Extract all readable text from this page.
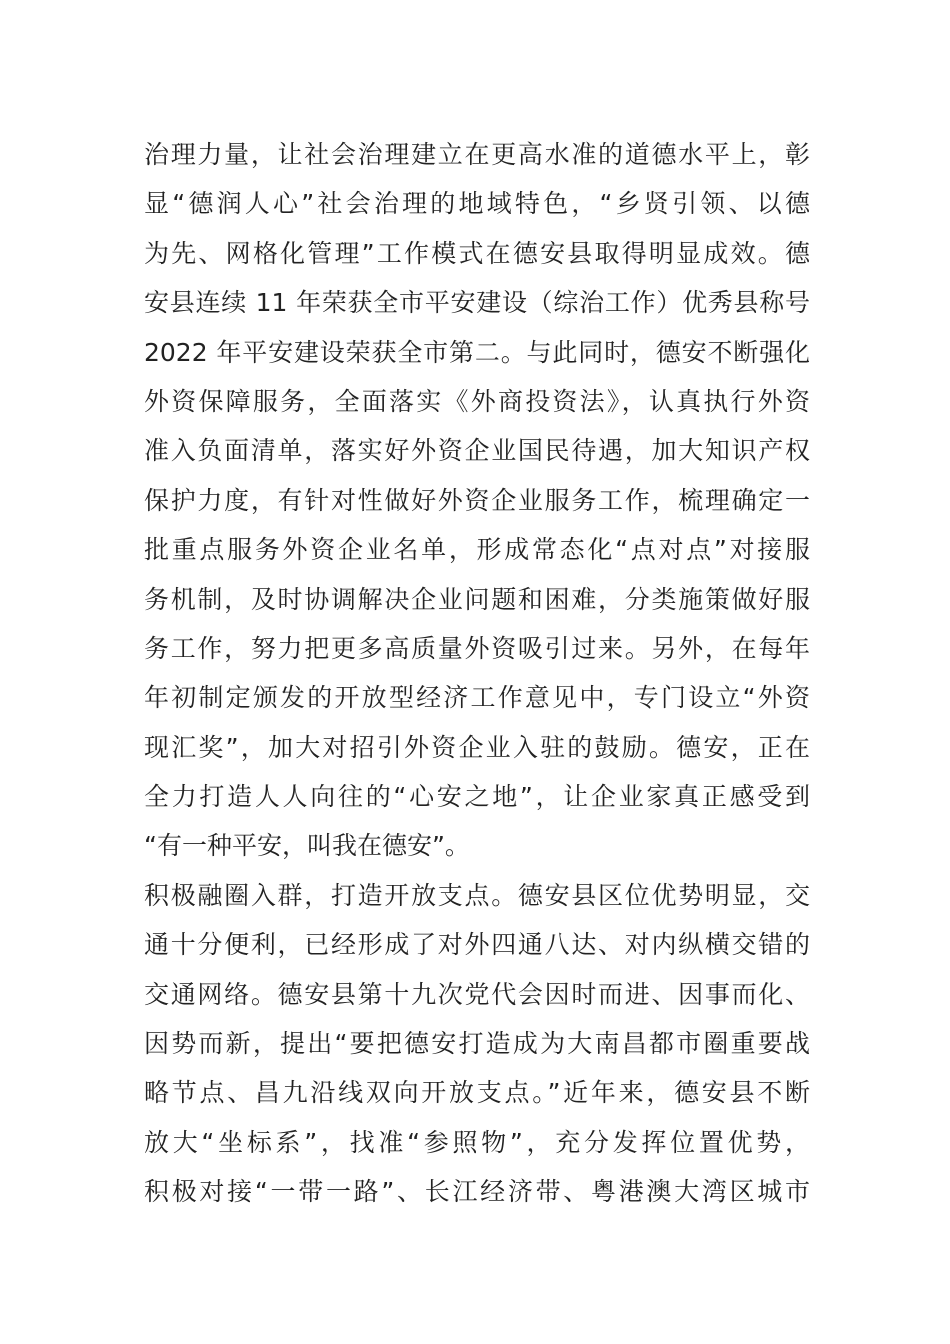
治理力量，让社会治理建立在更高水准的道德水平上，彰
显“德润人心”社会治理的地域特色，“乡贤引领、以德
为先、网格化管理”工作模式在德安县取得明显成效。德
安县连续 11 年荣获全市平安建设（综治工作）优秀县称号
2022 年平安建设荣获全市第二。与此同时，德安不断强化
外资保障服务，全面落实《外商投资法》，认真执行外资
准入负面清单，落实好外资企业国民待遇，加大知识产权
保护力度，有针对性做好外资企业服务工作，梳理确定一
批重点服务外资企业名单，形成常态化“点对点”对接服
务机制，及时协调解决企业问题和困难，分类施策做好服
务工作，努力把更多高质量外资吸引过来。另外，在每年
年初制定颁发的开放型经济工作意见中，专门设立“外资
现汇奖”，加大对招引外资企业入驻的鼓励。德安，正在
全力打造人人向往的“心安之地”，让企业家真正感受到
“有一种平安，叫我在德安”。
积极融圈入群，打造开放支点。德安县区位优势明显，交
通十分便利，已经形成了对外四通八达、对内纵横交错的
交通网络。德安县第十九次党代会因时而进、因事而化、
因势而新，提出“要把德安打造成为大南昌都市圈重要战
略节点、昌九沿线双向开放支点。”近年来，德安县不断
放大“坐标系”，找准“参照物”，充分发挥位置优势，
积极对接“一带一路”、长江经济带、粤港澳大湾区城市
